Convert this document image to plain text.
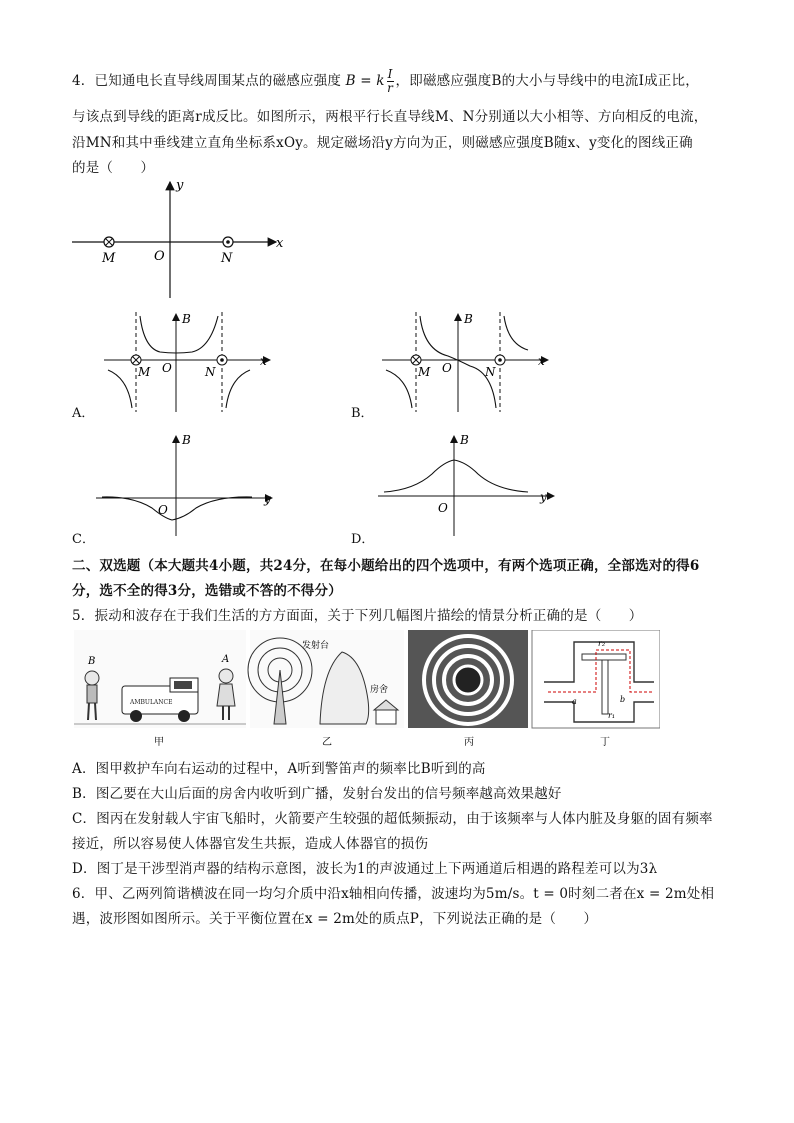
4．已知通电长直导线周围某点的磁感应强度 B = k $\frac{I}{r}$ ，即磁感应强度B的大小与导线中的电流I成正比，
与该点到导线的距离r成反比。如图所示，两根平行长直导线M、N分别通以大小相等、方向相反的电流，
沿MN和其中垂线建立直角坐标系xOy。规定磁场沿y方向为正，则磁感应强度B随x、y变化的图线正确
的是（　　）
x
y
O
M	N
B
x
O
M	N
A．
B
x
O
M	N
B．
B
y
O
C．
B
y
O
D．
二、双选题（本大题共4小题，共24分，在每小题给出的四个选项中，有两个选项正确，全部选对的得6
分，选不全的得3分，选错或不答的不得分）
5．振动和波存在于我们生活的方方面面，关于下列几幅图片描绘的情景分析正确的是（　　）
B
AMBULANCE
A
甲
发射台
房舍
乙	丙
r₂
r₁
a	b
丁
A．图甲救护车向右运动的过程中，A听到警笛声的频率比B听到的高
B．图乙要在大山后面的房舍内收听到广播，发射台发出的信号频率越高效果越好
C．图丙在发射载人宇宙飞船时，火箭要产生较强的超低频振动，由于该频率与人体内脏及身躯的固有频率
接近，所以容易使人体器官发生共振，造成人体器官的损伤
D．图丁是干涉型消声器的结构示意图，波长为1的声波通过上下两通道后相遇的路程差可以为3λ
6．甲、乙两列简谐横波在同一均匀介质中沿x轴相向传播，波速均为5m/s。t = 0时刻二者在x = 2m处相
遇，波形图如图所示。关于平衡位置在x = 2m处的质点P，下列说法正确的是（　　）
